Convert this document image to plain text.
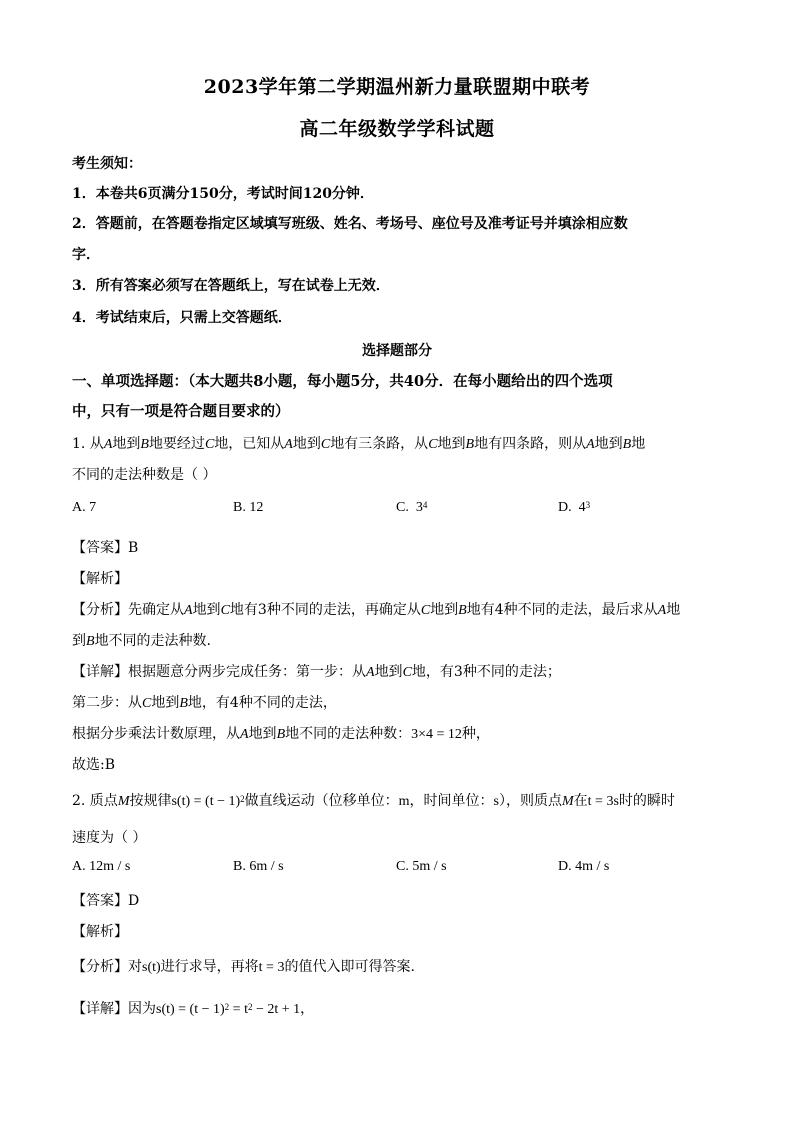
2023学年第二学期温州新力量联盟期中联考
高二年级数学学科试题
考生须知：
1．本卷共6页满分150分，考试时间120分钟．
2．答题前，在答题卷指定区域填写班级、姓名、考场号、座位号及准考证号并填涂相应数
字．
3．所有答案必须写在答题纸上，写在试卷上无效．
4．考试结束后，只需上交答题纸．
选择题部分
一、单项选择题：（本大题共8小题，每小题5分，共40分．在每小题给出的四个选项
中，只有一项是符合题目要求的）
1. 从A地到B地要经过C地，已知从A地到C地有三条路，从C地到B地有四条路，则从A地到B地
不同的走法种数是（ ）
A. 7	B. 12	C. $3^4$	D. $4^3$
【答案】B
【解析】
【分析】先确定从A地到C地有3种不同的走法，再确定从C地到B地有4种不同的走法，最后求从A地
到B地不同的走法种数.
【详解】根据题意分两步完成任务：第一步：从A地到C地，有3种不同的走法；
第二步：从C地到B地，有4种不同的走法，
根据分步乘法计数原理，从A地到B地不同的走法种数：3×4 = 12种，
故选:B
2. 质点M按规律$s(t) = (t - 1)^2$做直线运动（位移单位：m，时间单位：s），则质点M在t = 3s时的瞬时
速度为（ ）
A. 12m / s	B. 6m / s	C. 5m / s	D. 4m / s
【答案】D
【解析】
【分析】对s(t)进行求导，再将t = 3的值代入即可得答案.
【详解】因为$s(t) = (t - 1)^2 = t^2 - 2t + 1$，
